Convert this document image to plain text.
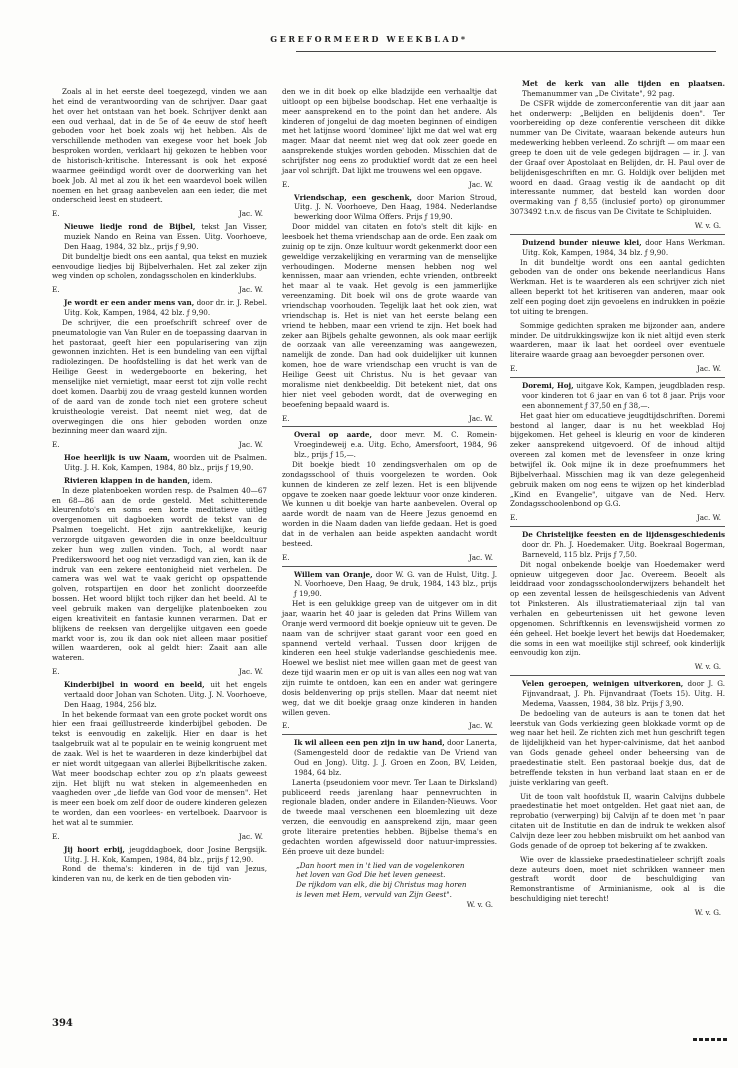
GEREFORMEERD WEEKBLAD*

Zoals al in het eerste deel toegezegd, vinden we aan het eind de verantwoording van de schrijver. Daar gaat het over het ontstaan van het boek. Schrijver denkt aan een oud verhaal, dat in de 5e of 4e eeuw de stof heeft geboden voor het boek zoals wij het hebben. Als de verschillende methoden van exegese voor het boek Job besproken worden, verklaart hij gekozen te hebben voor de historisch-kritische. Interessant is ook het exposé waarmee geëindigd wordt over de doorwerking van het boek Job. Al met al zou ik het een waardevol boek willen noemen en het graag aanbevelen aan een ieder, die met onderscheid leest en studeert.

E.	Jac. W.

Nieuwe liedje rond de Bijbel, tekst Jan Visser, muziek Nando en Reina van Essen. Uitg. Voorhoeve, Den Haag, 1984, 32 blz., prijs ƒ 9,90.

Dit bundeltje biedt ons een aantal, qua tekst en muziek eenvoudige liedjes bij Bijbelverhalen. Het zal zeker zijn weg vinden op scholen, zondagsscholen en kinderklubs.

E.	Jac. W.

Je wordt er een ander mens van, door dr. ir. J. Rebel. Uitg. Kok, Kampen, 1984, 42 blz. ƒ 9,90.

De schrijver, die een proefschrift schreef over de pneumatologie van Van Ruler en de toepassing daarvan in het pastoraat, geeft hier een popularisering van zijn gewonnen inzichten. Het is een bundeling van een vijftal radiolezingen. De hoofdstelling is dat het werk van de Heilige Geest in wedergeboorte en bekering, het menselijke niet vernietigt, maar eerst tot zijn volle recht doet komen. Daarbij zou de vraag gesteld kunnen worden of de aard van de zonde toch niet een grotere scheut kruistheologie vereist. Dat neemt niet weg, dat de overwegingen die ons hier geboden worden onze bezinning meer dan waard zijn.

E.	Jac. W.

Hoe heerlijk is uw Naam, woorden uit de Psalmen. Uitg. J. H. Kok, Kampen, 1984, 80 blz., prijs ƒ 19,90.

Rivieren klappen in de handen, idem.

In deze platenboeken worden resp. de Psalmen 40—67 en 68—86 aan de orde gesteld. Met schitterende kleurenfoto's en soms een korte meditatieve uitleg overgenomen uit dagboeken wordt de tekst van de Psalmen toegelicht. Het zijn aantrekkelijke, keurig verzorgde uitgaven geworden die in onze beeldcultuur zeker hun weg zullen vinden. Toch, al wordt naar Predikerswoord het oog niet verzadigd van zien, kan ik de indruk van een zekere eentonigheid niet verhelen. De camera was wel wat te vaak gericht op opspattende golven, rotspartijen en door het zonlicht doorzeefde bossen. Het woord blijkt toch rijker dan het beeld. Al te veel gebruik maken van dergelijke platenboeken zou eigen kreativiteit en fantasie kunnen verarmen. Dat er blijkens de reeksen van dergelijke uitgaven een goede markt voor is, zou ik dan ook niet alleen maar positief willen waarderen, ook al geldt hier: Zaait aan alle wateren.

E.	Jac. W.

Kinderbijbel in woord en beeld, uit het engels vertaald door Johan van Schoten. Uitg. J. N. Voorhoeve, Den Haag, 1984, 256 blz.

In het bekende formaat van een grote pocket wordt ons hier een fraai geïllustreerde kinderbijbel geboden. De tekst is eenvoudig en zakelijk. Hier en daar is het taalgebruik wat al te populair en te weinig kongruent met de zaak. Wel is het te waarderen in deze kinderbijbel dat er niet wordt uitgegaan van allerlei Bijbelkritische zaken. Wat meer boodschap echter zou op z'n plaats geweest zijn. Het blijft nu wat steken in algemeenheden en vaagheden over „de liefde van God voor de mensen". Het is meer een boek om zelf door de oudere kinderen gelezen te worden, dan een voorlees- en vertelboek. Daarvoor is het wat al te summier.

E.	Jac. W.

Jij hoort erbij, jeugddagboek, door Josine Bergsijk. Uitg. J. H. Kok, Kampen, 1984, 84 blz., prijs ƒ 12,90.

Rond de thema's: kinderen in de tijd van Jezus, kinderen van nu, de kerk en de tien geboden vin-

den we in dit boek op elke bladzijde een verhaaltje dat uitloopt op een bijbelse boodschap. Het ene verhaaltje is meer aansprekend en to the point dan het andere. Als kinderen of jongelui de dag moeten beginnen of eindigen met het latijnse woord 'dominee' lijkt me dat wel wat erg mager. Maar dat neemt niet weg dat ook zeer goede en aansprekende stukjes worden geboden. Misschien dat de schrijfster nog eens zo produktief wordt dat ze een heel jaar vol schrijft. Dat lijkt me trouwens wel een opgave.

E.	Jac. W.

Vriendschap, een geschenk, door Marion Stroud, Uitg. J. N. Voorhoeve, Den Haag, 1984. Nederlandse bewerking door Wilma Offers. Prijs ƒ 19,90.

Door middel van citaten en foto's stelt dit kijk- en leesboek het thema vriendschap aan de orde. Een zaak om zuinig op te zijn. Onze kultuur wordt gekenmerkt door een geweldige verzakelijking en verarming van de menselijke verhoudingen. Moderne mensen hebben nog wel kennissen, maar aan vrienden, echte vrienden, ontbreekt het maar al te vaak. Het gevolg is een jammerlijke vereenzaming. Dit boek wil ons de grote waarde van vriendschap voorhouden. Tegelijk laat het ook zien, wat vriendschap is. Het is niet van het eerste belang een vriend te hebben, maar een vriend te zijn. Het boek had zeker aan Bijbels gehalte gewonnen, als ook maar eerlijk de oorzaak van alle vereenzaming was aangewezen, namelijk de zonde. Dan had ook duidelijker uit kunnen komen, hoe de ware vriendschap een vrucht is van de Heilige Geest uit Christus. Nu is het gevaar van moralisme niet denkbeeldig. Dit betekent niet, dat ons hier niet veel geboden wordt, dat de overweging en beoefening bepaald waard is.

E.	Jac. W.

Overal op aarde, door mevr. M. C. Romein-Vroegindeweij e.a. Uitg. Echo, Amersfoort, 1984, 96 blz., prijs ƒ 15,—.

Dit boekje biedt 10 zendingsverhalen om op de zondagsschool of thuis voorgelezen te worden. Ook kunnen de kinderen ze zelf lezen. Het is een blijvende opgave te zoeken naar goede lektuur voor onze kinderen. We kunnen u dit boekje van harte aanbevelen. Overal op aarde wordt de naam van de Heere Jezus genoemd en worden in die Naam daden van liefde gedaan. Het is goed dat in de verhalen aan beide aspekten aandacht wordt besteed.

E.	Jac. W.

Willem van Oranje, door W. G. van de Hulst, Uitg. J. N. Voorhoeve, Den Haag, 9e druk, 1984, 143 blz., prijs ƒ 19,90.

Het is een gelukkige greep van de uitgever om in dit jaar, waarin het 40 jaar is geleden dat Prins Willem van Oranje werd vermoord dit boekje opnieuw uit te geven. De naam van de schrijver staat garant voor een goed en spannend verteld verhaal. Tussen door krijgen de kinderen een heel stukje vaderlandse geschiedenis mee. Hoewel we beslist niet mee willen gaan met de geest van deze tijd waarin men er op uit is van alles een nog wat van zijn ruimte te ontdoen, kan een en ander wat geringere dosis beldenvering op prijs stellen. Maar dat neemt niet weg, dat we dit boekje graag onze kinderen in handen willen geven.

E.	Jac. W.

Ik wil alleen een pen zijn in uw hand, door Lanerta, (Samengesteld door de redaktie van De Vriend van Oud en Jong). Uitg. J. J. Groen en Zoon, BV, Leiden, 1984, 64 blz.

Lanerta (pseudoniem voor mevr. Ter Laan te Dirksland) publiceerd reeds jarenlang haar pennevruchten in regionale bladen, onder andere in Eilanden-Nieuws. Voor de tweede maal verschenen een bloemlezing uit deze verzen, die eenvoudig en aansprekend zijn, maar geen grote literaire pretenties hebben. Bijbelse thema's en gedachten worden afgewisseld door natuur-impressies. Eén proeve uit deze bundel:

„Dan hoort men in 't lied van de vogelenkoren

het loven van God Die het leven geneest.

De rijkdom van elk, die bij Christus mag horen

is leven met Hem, vervuld van Zijn Geest".

W. v. G.

Met de kerk van alle tijden en plaatsen. Themanummer van „De Civitate", 92 pag.

De CSFR wijdde de zomerconferentie van dit jaar aan het onderwerp: „Belijden en belijdenis doen". Ter voorbereiding op deze conferentie verscheen dit dikke nummer van De Civitate, waaraan bekende auteurs hun medewerking hebben verleend. Zo schrijft — om maar een greep te doen uit de vele gedegen bijdragen — ir. J. van der Graaf over Apostolaat en Belijden, dr. H. Paul over de belijdenisgeschriften en mr. G. Holdijk over belijden met woord en daad. Graag vestig ik de aandacht op dit interessante nummer, dat besteld kan worden door overmaking van ƒ 8,55 (inclusief porto) op gironummer 3073492 t.n.v. de fiscus van De Civitate te Schipluiden.

W. v. G.

Duizend bunder nieuwe klei, door Hans Werkman. Uitg. Kok, Kampen, 1984, 34 blz. ƒ 9,90.

In dit bundeltje wordt ons een aantal gedichten geboden van de onder ons bekende neerlandicus Hans Werkman. Het is te waarderen als een schrijver zich niet alleen beperkt tot het kritiseren van anderen, maar ook zelf een poging doet zijn gevoelens en indrukken in poëzie tot uiting te brengen.

Sommige gedichten spraken me bijzonder aan, andere minder. De uitdrukkingswijze kon ik niet altijd even sterk waarderen, maar ik laat het oordeel over eventuele literaire waarde graag aan bevoegder personen over.

E.	Jac. W.

Doremi, Hoj, uitgave Kok, Kampen, jeugdbladen resp. voor kinderen tot 6 jaar en van 6 tot 8 jaar. Prijs voor een abonnement ƒ 37,50 en ƒ 38,—.

Het gaat hier om educatieve jeugdtijdschriften. Doremi bestond al langer, daar is nu het weekblad Hoj bijgekomen. Het geheel is kleurig en voor de kinderen zeker aansprekend uitgevoerd. Of de inhoud altijd overeen zal komen met de levensfeer in onze kring betwijfel ik. Ook mijne ik in deze proefnummers het Bijbelverhaal. Misschien mag ik van deze gelegenheid gebruik maken om nog eens te wijzen op het kinderblad „Kind en Evangelie", uitgave van de Ned. Herv. Zondagsschoolenbond op G.G.

E.	Jac. W.

De Christelijke feesten en de lijdensgeschiedenis door dr. Ph. J. Hoedemaker. Uitg. Boekraal Bogerman, Barneveld, 115 blz. Prijs ƒ 7,50.

Dit nogal onbekende boekje van Hoedemaker werd opnieuw uitgegeven door Jac. Overeem. Beoelt als leiddraad voor zondagsschoolonderwijzers behandelt het op een zevental lessen de heilsgeschiedenis van Advent tot Pinksteren. Als illustratiemateriaal zijn tal van verhalen en gebeurtenissen uit het gewone leven opgenomen. Schriftkennis en levenswijsheid vormen zo één geheel. Het boekje levert het bewijs dat Hoedemaker, die soms in een wat moeilijke stijl schreef, ook kinderlijk eenvoudig kon zijn.

W. v. G.

Velen geroepen, weinigen uitverkoren, door J. G. Fijnvandraat, J. Ph. Fijnvandraat (Toets 15). Uitg. H. Medema, Vaassen, 1984, 38 blz. Prijs ƒ 3,90.

De bedoeling van de auteurs is aan te tonen dat het leerstuk van Gods verkiezing geen blokkade vormt op de weg naar het heil. Ze richten zich met hun geschrift tegen de lijdelijkheid van het hyper-calvinisme, dat het aanbod van Gods genade geheel onder beheersing van de praedestinatie stelt. Een pastoraal boekje dus, dat de betreffende teksten in hun verband laat staan en er de juiste verklaring van geeft.

Uit de toon valt hoofdstuk II, waarin Calvijns dubbele praedestinatie het moet ontgelden. Het gaat niet aan, de reprobatio (verwerping) bij Calvijn af te doen met 'n paar citaten uit de Institutie en dan de indruk te wekken alsof Calvijn deze leer zou hebben misbruikt om het aanbod van Gods genade of de oproep tot bekering af te zwakken.

Wie over de klassieke praedestinatieleer schrijft zoals deze auteurs doen, moet niet schrikken wanneer men gestraft wordt door de beschuldiging van Remonstrantisme of Arminianisme, ook al is die beschuldiging niet terecht!

W. v. G.
394
